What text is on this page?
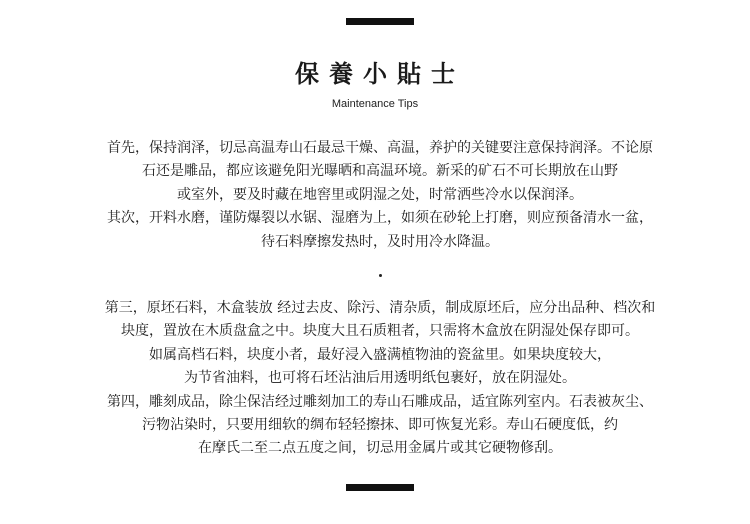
保養小貼士
Maintenance Tips
首先，保持润泽，切忌高温寿山石最忌干燥、高温，养护的关键要注意保持润泽。不论原
石还是雕品，都应该避免阳光曝晒和高温环境。新采的矿石不可长期放在山野
或室外，要及时藏在地窖里或阴湿之处，时常洒些冷水以保润泽。
其次，开料水磨，谨防爆裂以水锯、湿磨为上，如须在砂轮上打磨，则应预备清水一盆，
待石料摩擦发热时，及时用冷水降温。
第三，原坯石料，木盒装放 经过去皮、除污、清杂质，制成原坯后，应分出品种、档次和
块度，置放在木质盘盒之中。块度大且石质粗者，只需将木盒放在阴湿处保存即可。
如属高档石料，块度小者，最好浸入盛满植物油的瓷盆里。如果块度较大，
为节省油料，也可将石坯沾油后用透明纸包裹好，放在阴湿处。
第四，雕刻成品，除尘保洁经过雕刻加工的寿山石雕成品，适宜陈列室内。石表被灰尘、
污物沾染时，只要用细软的绸布轻轻擦抹、即可恢复光彩。寿山石硬度低，约
在摩氏二至二点五度之间，切忌用金属片或其它硬物修刮。
